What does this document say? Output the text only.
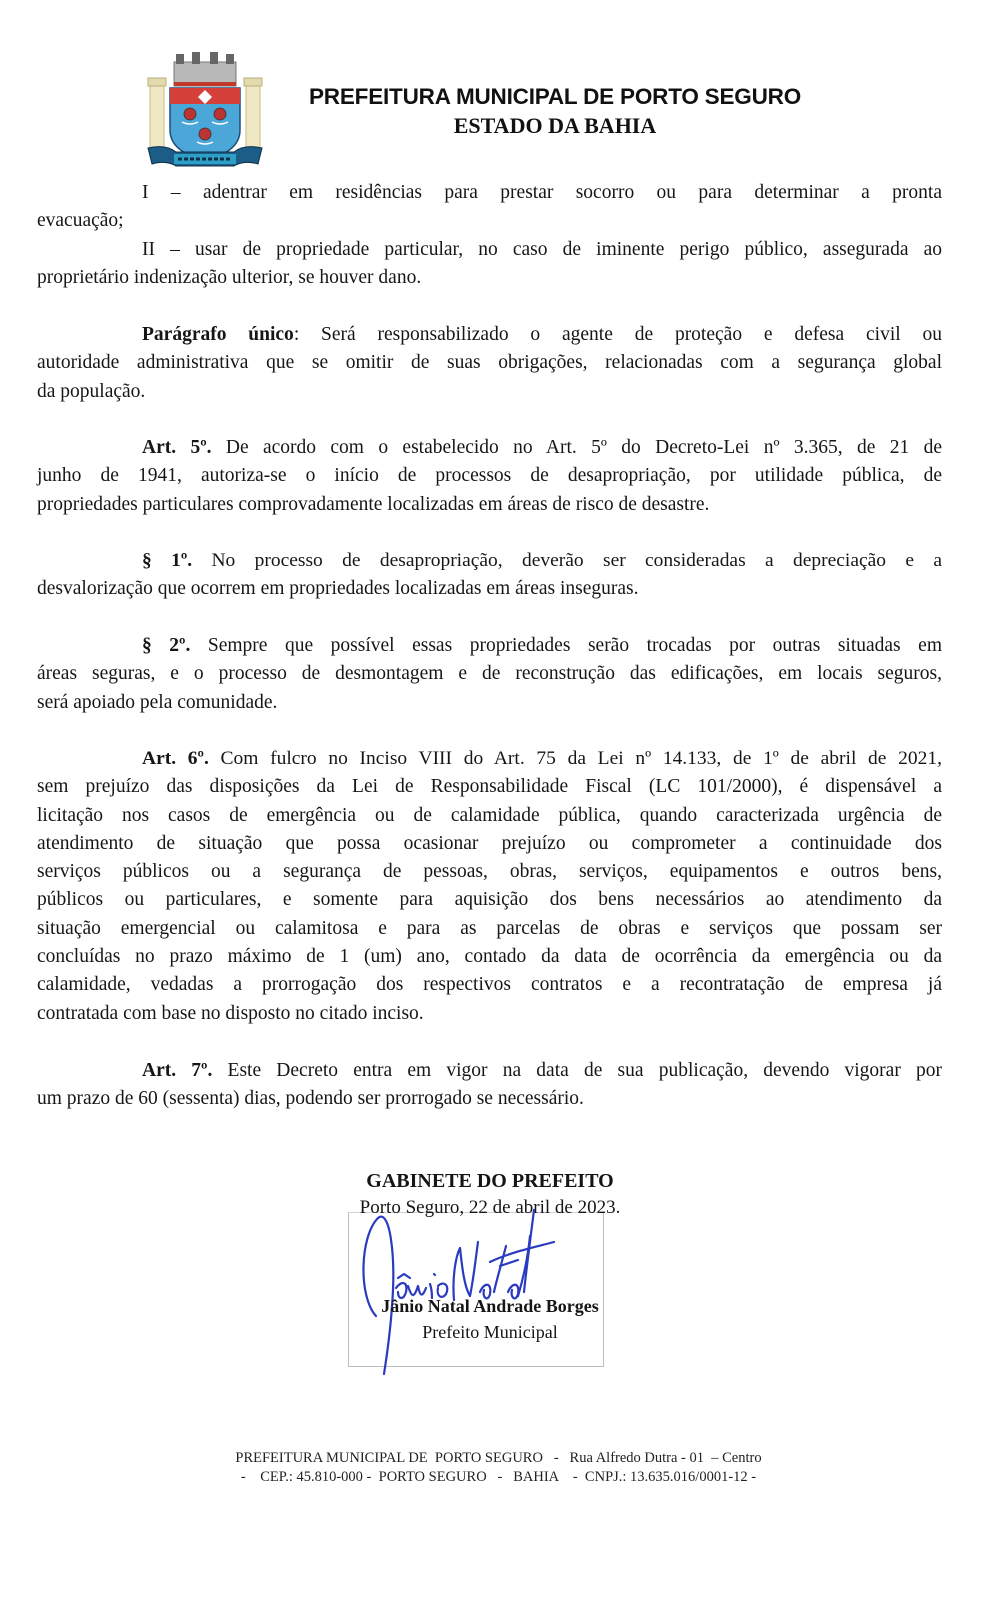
PREFEITURA MUNICIPAL DE PORTO SEGURO
ESTADO DA BAHIA
I – adentrar em residências para prestar socorro ou para determinar a pronta
evacuação;
II – usar de propriedade particular, no caso de iminente perigo público, assegurada ao
proprietário indenização ulterior, se houver dano.
Parágrafo único: Será responsabilizado o agente de proteção e defesa civil ou
autoridade administrativa que se omitir de suas obrigações, relacionadas com a segurança global
da população.
Art. 5º. De acordo com o estabelecido no Art. 5º do Decreto-Lei nº 3.365, de 21 de
junho de 1941, autoriza-se o início de processos de desapropriação, por utilidade pública, de
propriedades particulares comprovadamente localizadas em áreas de risco de desastre.
§ 1º. No processo de desapropriação, deverão ser consideradas a depreciação e a
desvalorização que ocorrem em propriedades localizadas em áreas inseguras.
§ 2º. Sempre que possível essas propriedades serão trocadas por outras situadas em
áreas seguras, e o processo de desmontagem e de reconstrução das edificações, em locais seguros,
será apoiado pela comunidade.
Art. 6º. Com fulcro no Inciso VIII do Art. 75 da Lei nº 14.133, de 1º de abril de 2021,
sem prejuízo das disposições da Lei de Responsabilidade Fiscal (LC 101/2000), é dispensável a
licitação nos casos de emergência ou de calamidade pública, quando caracterizada urgência de
atendimento de situação que possa ocasionar prejuízo ou comprometer a continuidade dos
serviços públicos ou a segurança de pessoas, obras, serviços, equipamentos e outros bens,
públicos ou particulares, e somente para aquisição dos bens necessários ao atendimento da
situação emergencial ou calamitosa e para as parcelas de obras e serviços que possam ser
concluídas no prazo máximo de 1 (um) ano, contado da data de ocorrência da emergência ou da
calamidade, vedadas a prorrogação dos respectivos contratos e a recontratação de empresa já
contratada com base no disposto no citado inciso.
Art. 7º. Este Decreto entra em vigor na data de sua publicação, devendo vigorar por
um prazo de 60 (sessenta) dias, podendo ser prorrogado se necessário.
GABINETE DO PREFEITO
Porto Seguro, 22 de abril de 2023.
Jânio Natal Andrade Borges
Prefeito Municipal
PREFEITURA MUNICIPAL DE  PORTO SEGURO   -   Rua Alfredo Dutra - 01  – Centro
-    CEP.: 45.810-000 -  PORTO SEGURO   -   BAHIA    -  CNPJ.: 13.635.016/0001-12 -
